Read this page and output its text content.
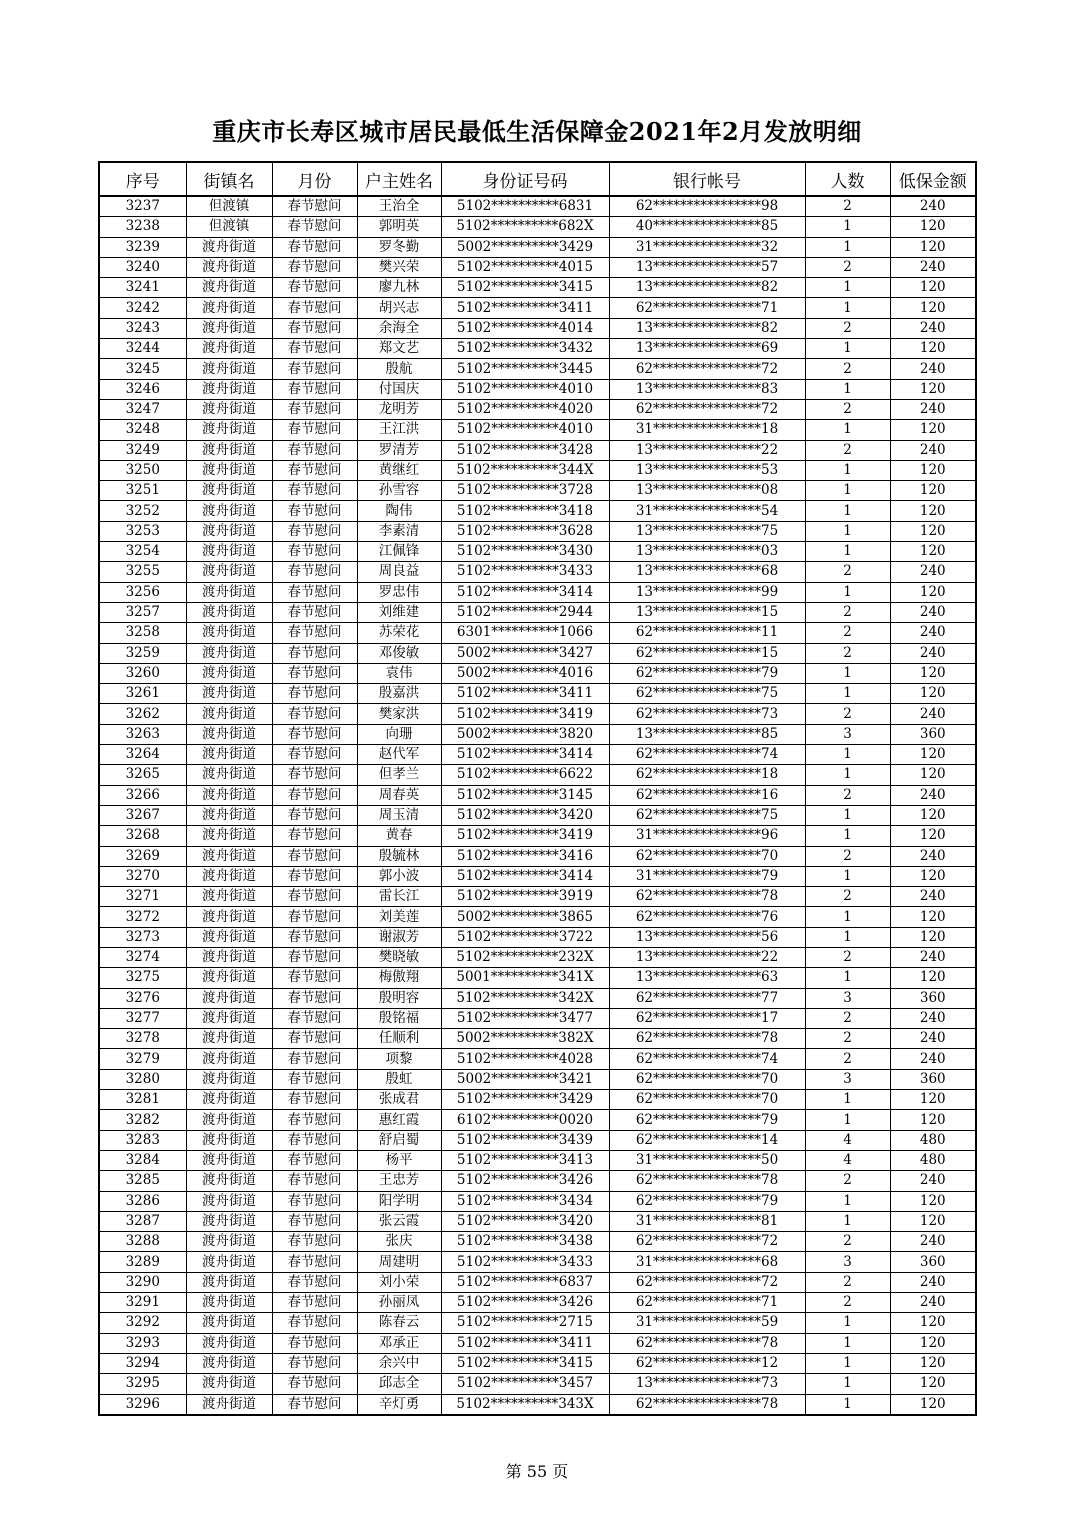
重庆市长寿区城市居民最低生活保障金2021年2月发放明细
序号	街镇名	月份	户主姓名	身份证号码	银行帐号	人数	低保金额
3237	但渡镇	春节慰问	王治全	5102**********6831	62****************98	2	240
3238	但渡镇	春节慰问	郭明英	5102**********682X	40****************85	1	120
3239	渡舟街道	春节慰问	罗冬勤	5002**********3429	31****************32	1	120
3240	渡舟街道	春节慰问	樊兴荣	5102**********4015	13****************57	2	240
3241	渡舟街道	春节慰问	廖九林	5102**********3415	13****************82	1	120
3242	渡舟街道	春节慰问	胡兴志	5102**********3411	62****************71	1	120
3243	渡舟街道	春节慰问	余海全	5102**********4014	13****************82	2	240
3244	渡舟街道	春节慰问	郑文艺	5102**********3432	13****************69	1	120
3245	渡舟街道	春节慰问	殷航	5102**********3445	62****************72	2	240
3246	渡舟街道	春节慰问	付国庆	5102**********4010	13****************83	1	120
3247	渡舟街道	春节慰问	龙明芳	5102**********4020	62****************72	2	240
3248	渡舟街道	春节慰问	王江洪	5102**********4010	31****************18	1	120
3249	渡舟街道	春节慰问	罗清芳	5102**********3428	13****************22	2	240
3250	渡舟街道	春节慰问	黄继红	5102**********344X	13****************53	1	120
3251	渡舟街道	春节慰问	孙雪容	5102**********3728	13****************08	1	120
3252	渡舟街道	春节慰问	陶伟	5102**********3418	31****************54	1	120
3253	渡舟街道	春节慰问	李素清	5102**********3628	13****************75	1	120
3254	渡舟街道	春节慰问	江佩锋	5102**********3430	13****************03	1	120
3255	渡舟街道	春节慰问	周良益	5102**********3433	13****************68	2	240
3256	渡舟街道	春节慰问	罗忠伟	5102**********3414	13****************99	1	120
3257	渡舟街道	春节慰问	刘维建	5102**********2944	13****************15	2	240
3258	渡舟街道	春节慰问	苏荣花	6301**********1066	62****************11	2	240
3259	渡舟街道	春节慰问	邓俊敏	5002**********3427	62****************15	2	240
3260	渡舟街道	春节慰问	袁伟	5002**********4016	62****************79	1	120
3261	渡舟街道	春节慰问	殷嘉洪	5102**********3411	62****************75	1	120
3262	渡舟街道	春节慰问	樊家洪	5102**********3419	62****************73	2	240
3263	渡舟街道	春节慰问	向珊	5002**********3820	13****************85	3	360
3264	渡舟街道	春节慰问	赵代军	5102**********3414	62****************74	1	120
3265	渡舟街道	春节慰问	但孝兰	5102**********6622	62****************18	1	120
3266	渡舟街道	春节慰问	周春英	5102**********3145	62****************16	2	240
3267	渡舟街道	春节慰问	周玉清	5102**********3420	62****************75	1	120
3268	渡舟街道	春节慰问	黄春	5102**********3419	31****************96	1	120
3269	渡舟街道	春节慰问	殷毓林	5102**********3416	62****************70	2	240
3270	渡舟街道	春节慰问	郭小波	5102**********3414	31****************79	1	120
3271	渡舟街道	春节慰问	雷长江	5102**********3919	62****************78	2	240
3272	渡舟街道	春节慰问	刘美莲	5002**********3865	62****************76	1	120
3273	渡舟街道	春节慰问	谢淑芳	5102**********3722	13****************56	1	120
3274	渡舟街道	春节慰问	樊晓敏	5102**********232X	13****************22	2	240
3275	渡舟街道	春节慰问	梅傲翔	5001**********341X	13****************63	1	120
3276	渡舟街道	春节慰问	殷明容	5102**********342X	62****************77	3	360
3277	渡舟街道	春节慰问	殷铭福	5102**********3477	62****************17	2	240
3278	渡舟街道	春节慰问	任顺利	5002**********382X	62****************78	2	240
3279	渡舟街道	春节慰问	项黎	5102**********4028	62****************74	2	240
3280	渡舟街道	春节慰问	殷虹	5002**********3421	62****************70	3	360
3281	渡舟街道	春节慰问	张成君	5102**********3429	62****************70	1	120
3282	渡舟街道	春节慰问	惠红霞	6102**********0020	62****************79	1	120
3283	渡舟街道	春节慰问	舒启蜀	5102**********3439	62****************14	4	480
3284	渡舟街道	春节慰问	杨平	5102**********3413	31****************50	4	480
3285	渡舟街道	春节慰问	王忠芳	5102**********3426	62****************78	2	240
3286	渡舟街道	春节慰问	阳学明	5102**********3434	62****************79	1	120
3287	渡舟街道	春节慰问	张云霞	5102**********3420	31****************81	1	120
3288	渡舟街道	春节慰问	张庆	5102**********3438	62****************72	2	240
3289	渡舟街道	春节慰问	周建明	5102**********3433	31****************68	3	360
3290	渡舟街道	春节慰问	刘小荣	5102**********6837	62****************72	2	240
3291	渡舟街道	春节慰问	孙丽凤	5102**********3426	62****************71	2	240
3292	渡舟街道	春节慰问	陈春云	5102**********2715	31****************59	1	120
3293	渡舟街道	春节慰问	邓承正	5102**********3411	62****************78	1	120
3294	渡舟街道	春节慰问	余兴中	5102**********3415	62****************12	1	120
3295	渡舟街道	春节慰问	邱志全	5102**********3457	13****************73	1	120
3296	渡舟街道	春节慰问	辛灯勇	5102**********343X	62****************78	1	120
第 55 页
